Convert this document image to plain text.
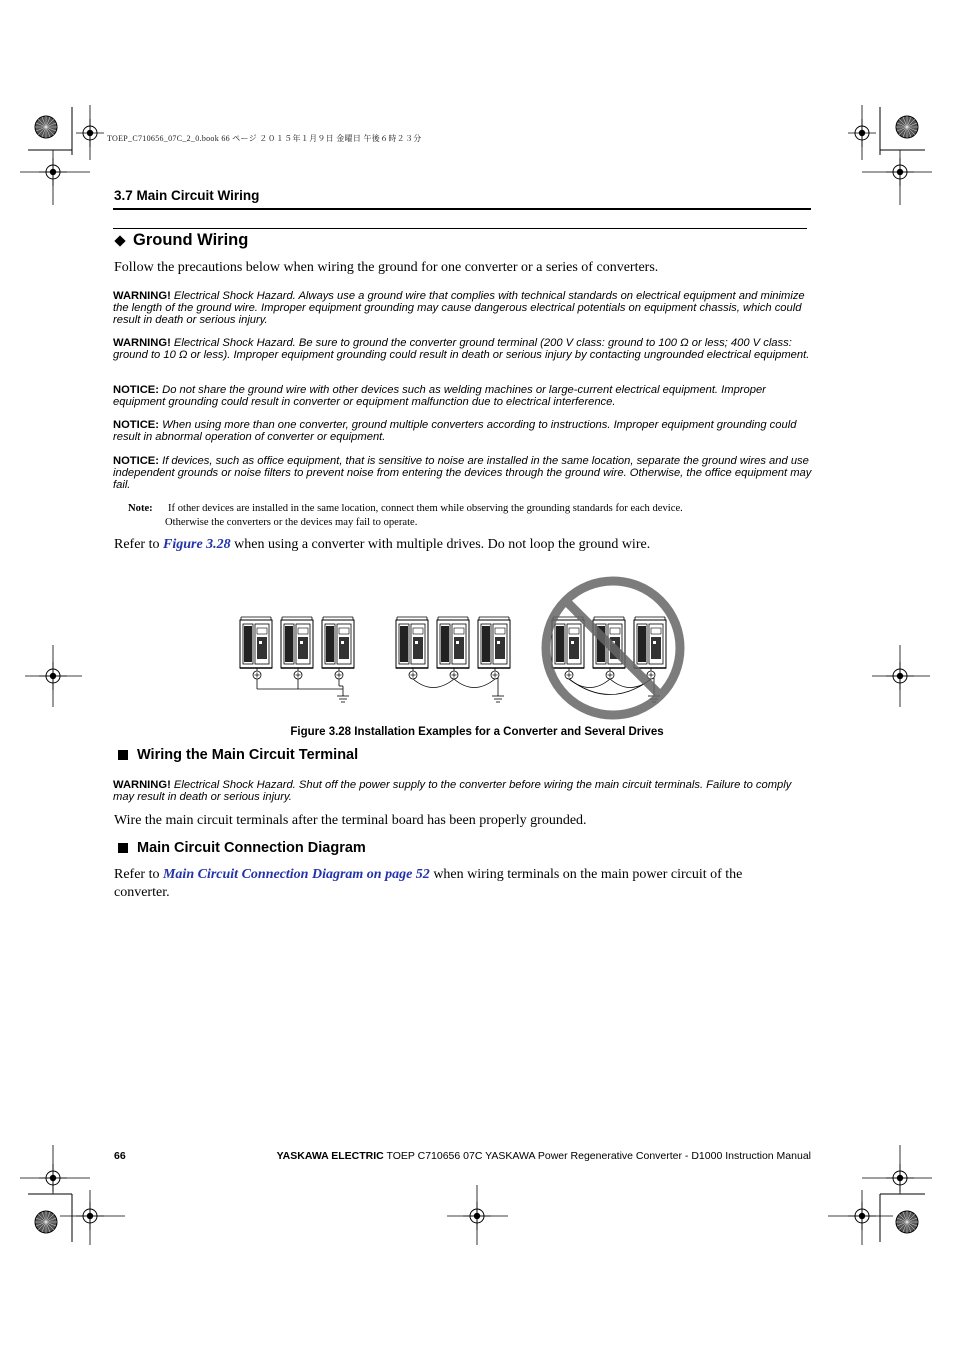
TOEP_C710656_07C_2_0.book 66 ページ ２０１５年１月９日 金曜日 午後６時２３分
3.7 Main Circuit Wiring
Ground Wiring
Follow the precautions below when wiring the ground for one converter or a series of converters.
WARNING! Electrical Shock Hazard. Always use a ground wire that complies with technical standards on electrical equipment and minimize the length of the ground wire. Improper equipment grounding may cause dangerous electrical potentials on equipment chassis, which could result in death or serious injury.
WARNING! Electrical Shock Hazard. Be sure to ground the converter ground terminal (200 V class: ground to 100 Ω or less; 400 V class: ground to 10 Ω or less). Improper equipment grounding could result in death or serious injury by contacting ungrounded electrical equipment.
NOTICE: Do not share the ground wire with other devices such as welding machines or large-current electrical equipment. Improper equipment grounding could result in converter or equipment malfunction due to electrical interference.
NOTICE: When using more than one converter, ground multiple converters according to instructions. Improper equipment grounding could result in abnormal operation of converter or equipment.
NOTICE: If devices, such as office equipment, that is sensitive to noise are installed in the same location, separate the ground wires and use independent grounds or noise filters to prevent noise from entering the devices through the ground wire. Otherwise, the office equipment may fail.
Note: If other devices are installed in the same location, connect them while observing the grounding standards for each device.
Otherwise the converters or the devices may fail to operate.
Refer to Figure 3.28 when using a converter with multiple drives. Do not loop the ground wire.
Figure 3.28 Installation Examples for a Converter and Several Drives
Wiring the Main Circuit Terminal
WARNING! Electrical Shock Hazard. Shut off the power supply to the converter before wiring the main circuit terminals. Failure to comply may result in death or serious injury.
Wire the main circuit terminals after the terminal board has been properly grounded.
Main Circuit Connection Diagram
Refer to Main Circuit Connection Diagram on page 52 when wiring terminals on the main power circuit of the
converter.
66	YASKAWA ELECTRIC TOEP C710656 07C YASKAWA Power Regenerative Converter - D1000 Instruction Manual
